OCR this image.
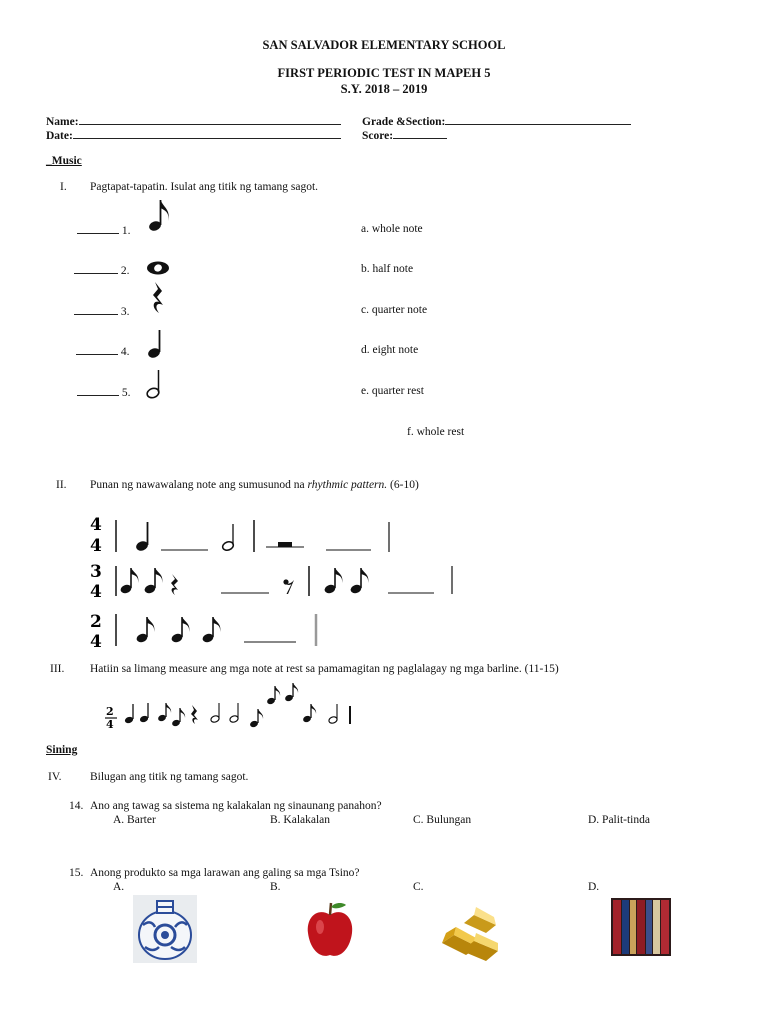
SAN SALVADOR ELEMENTARY SCHOOL
FIRST PERIODIC TEST IN MAPEH 5
S.Y. 2018 – 2019
Name:	Grade &Section:
Date:	Score:
_Music
I. Pagtapat-tapatin. Isulat ang titik ng tamang sagot.
1.
2.
3.
4.
5.
a. whole note
b. half note
c. quarter note
d. eight note
e. quarter rest
f. whole rest
II. Punan ng nawawalang note ang sumusunod na rhythmic pattern. (6-10)
4
4
3
4
2
4
III. Hatiin sa limang measure ang mga note at rest sa pamamagitan ng paglalagay ng mga barline. (11-15)
2
4
Sining
IV. Bilugan ang titik ng tamang sagot.
14. Ano ang tawag sa sistema ng kalakalan ng sinaunang panahon?
A. Barter	B. Kalakalan	C. Bulungan	D. Palit-tinda
15. Anong produkto sa mga larawan ang galing sa mga Tsino?
A.	B.	C.	D.
